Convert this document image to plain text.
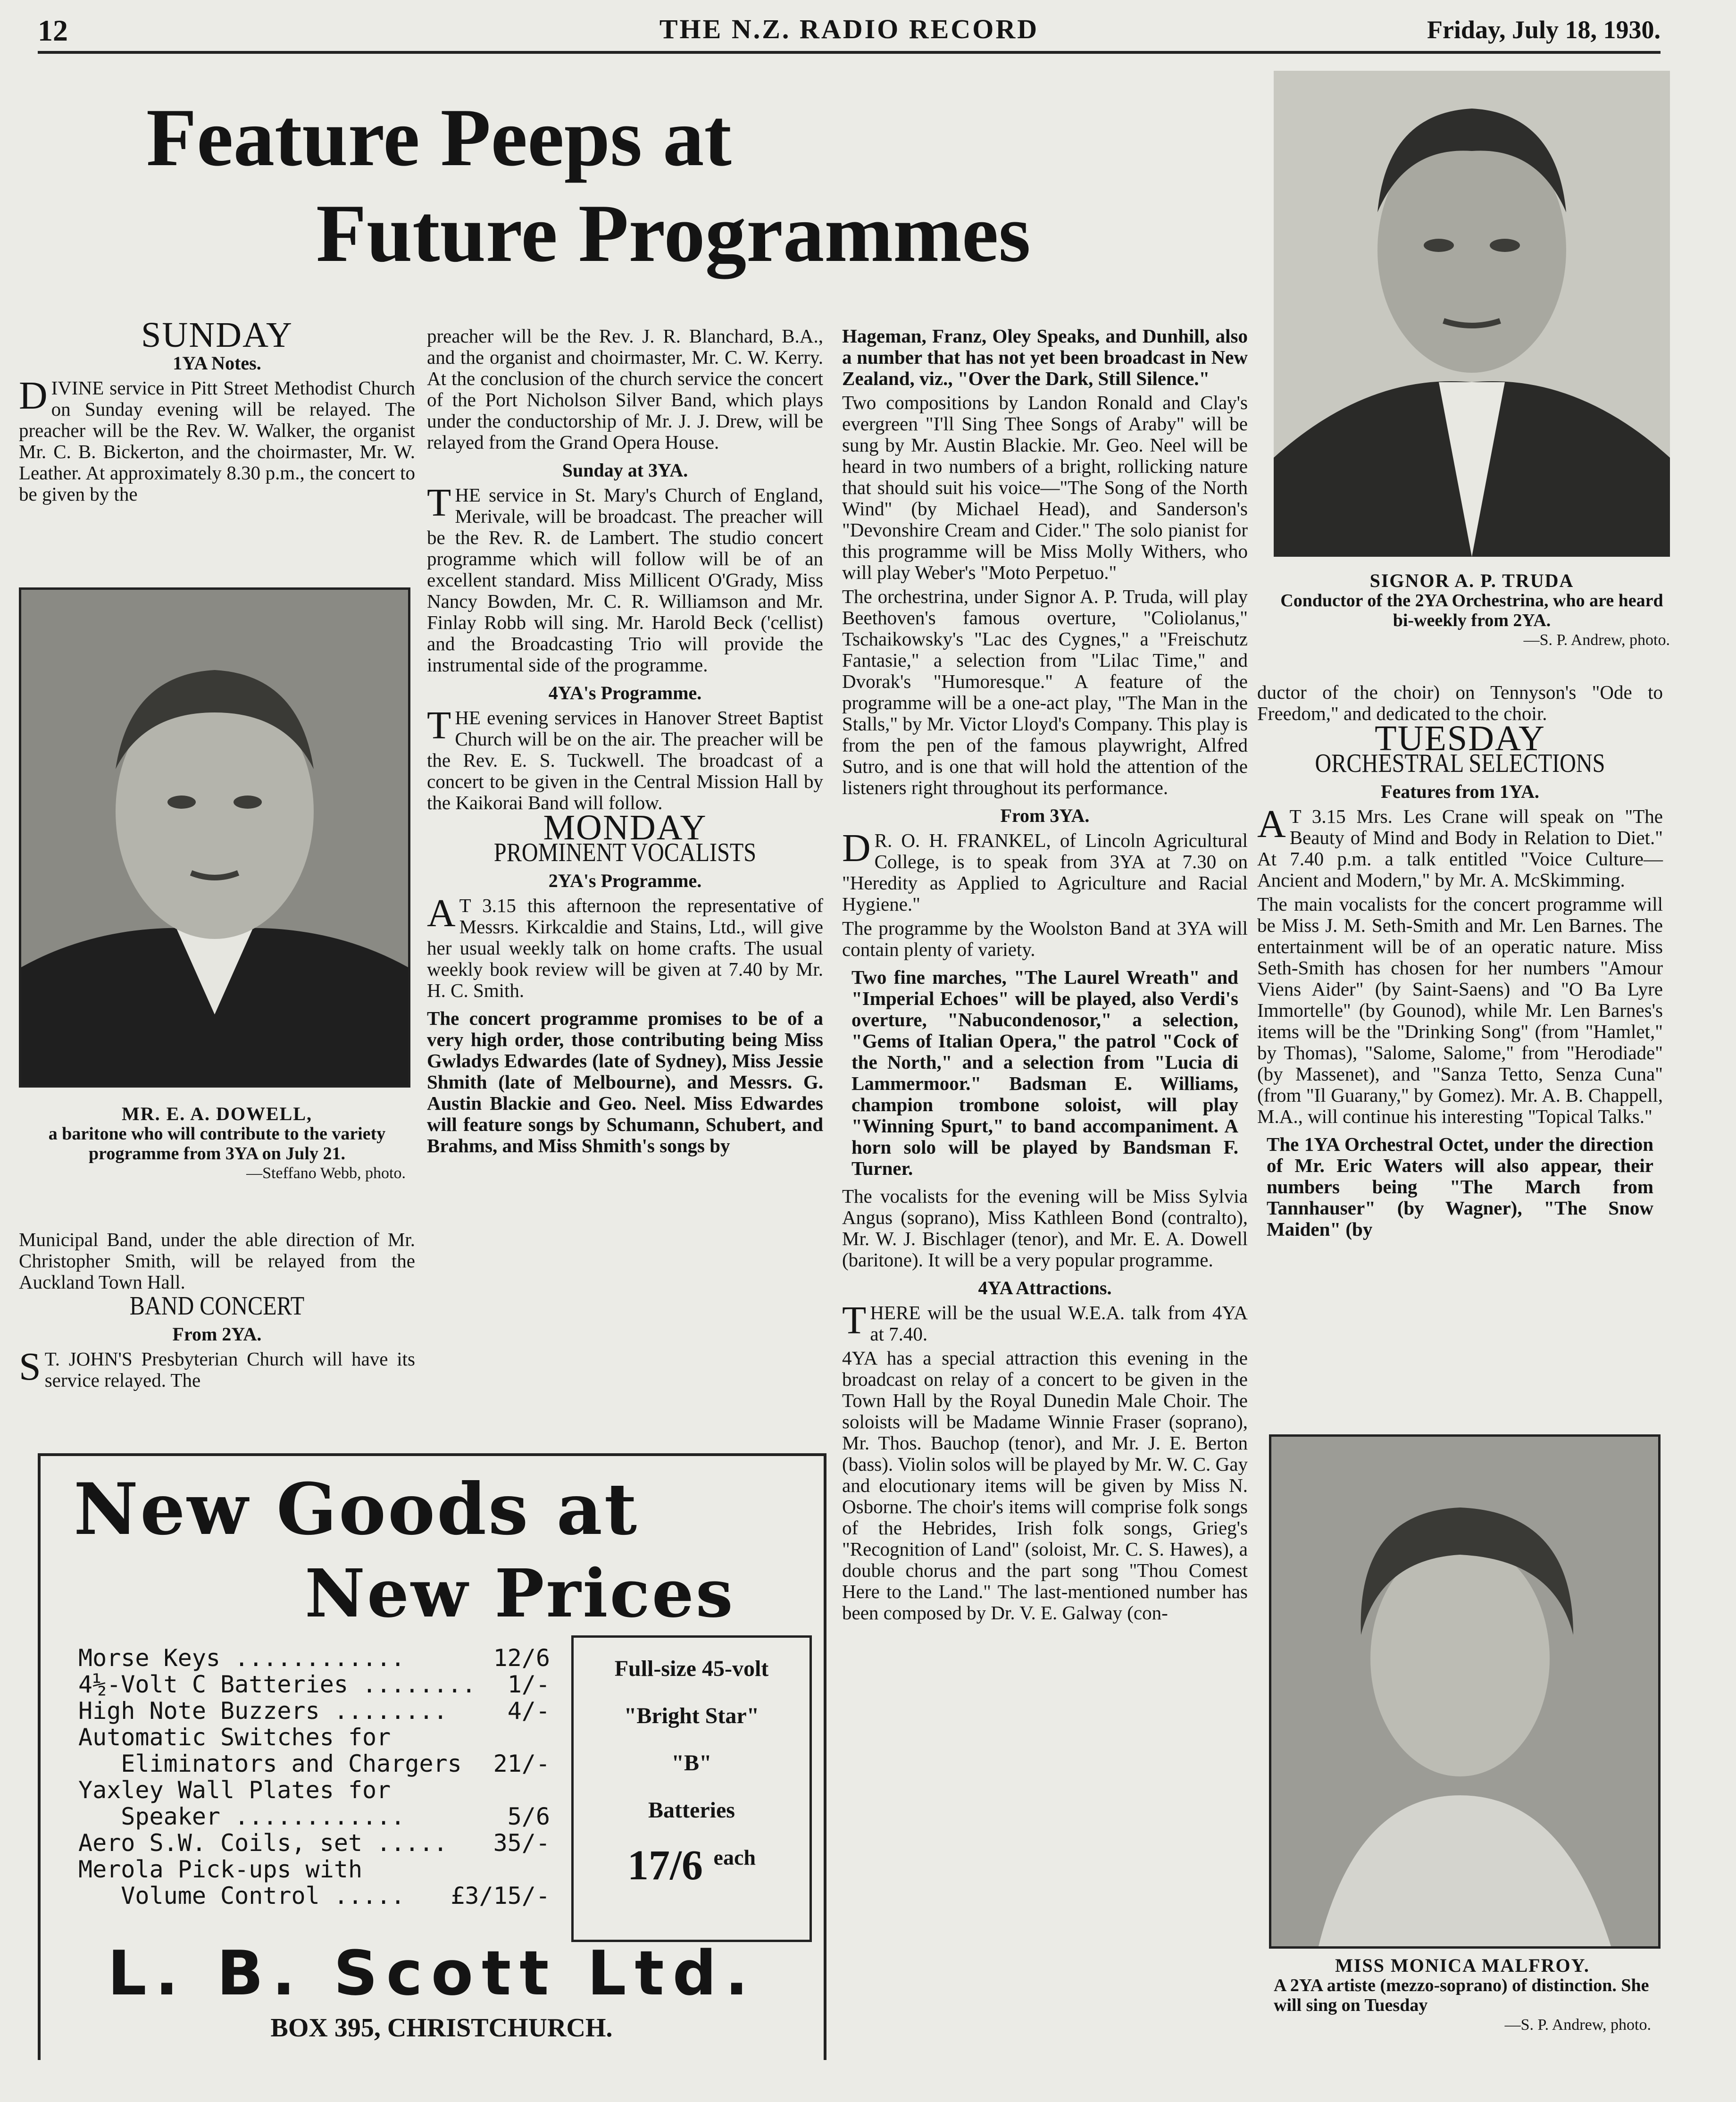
12	THE N.Z. RADIO RECORD	Friday, July 18, 1930.
Feature Peeps at
Future Programmes
SUNDAY
1YA Notes.

DIVINE service in Pitt Street Methodist Church on Sunday evening will be relayed. The preacher will be the Rev. W. Walker, the organist Mr. C. B. Bickerton, and the choirmaster, Mr. W. Leather. At approximately 8.30 p.m., the concert to be given by the

MR. E. A. DOWELL,
a baritone who will contribute to the variety programme from 3YA on July 21.
—Steffano Webb, photo.

Municipal Band, under the able direction of Mr. Christopher Smith, will be relayed from the Auckland Town Hall.

BAND CONCERT
From 2YA.

S T. JOHN'S Presbyterian Church will have its service relayed. The

preacher will be the Rev. J. R. Blanchard, B.A., and the organist and choirmaster, Mr. C. W. Kerry. At the conclusion of the church service the concert of the Port Nicholson Silver Band, which plays under the conductorship of Mr. J. J. Drew, will be relayed from the Grand Opera House.

Sunday at 3YA.

THE service in St. Mary's Church of England, Merivale, will be broadcast. The preacher will be the Rev. R. de Lambert. The studio concert programme which will follow will be of an excellent standard. Miss Millicent O'Grady, Miss Nancy Bowden, Mr. C. R. Williamson and Mr. Finlay Robb will sing. Mr. Harold Beck ('cellist) and the Broadcasting Trio will provide the instrumental side of the programme.

4YA's Programme.

THE evening services in Hanover Street Baptist Church will be on the air. The preacher will be the Rev. E. S. Tuckwell. The broadcast of a concert to be given in the Central Mission Hall by the Kaikorai Band will follow.

MONDAY
PROMINENT VOCALISTS
2YA's Programme.

A T 3.15 this afternoon the representative of Messrs. Kirkcaldie and Stains, Ltd., will give her usual weekly talk on home crafts. The usual weekly book review will be given at 7.40 by Mr. H. C. Smith.

The concert programme promises to be of a very high order, those contributing being Miss Gwladys Edwardes (late of Sydney), Miss Jessie Shmith (late of Melbourne), and Messrs. G. Austin Blackie and Geo. Neel. Miss Edwardes will feature songs by Schumann, Schubert, and Brahms, and Miss Shmith's songs by

Hageman, Franz, Oley Speaks, and Dunhill, also a number that has not yet been broadcast in New Zealand, viz., "Over the Dark, Still Silence."

Two compositions by Landon Ronald and Clay's evergreen "I'll Sing Thee Songs of Araby" will be sung by Mr. Austin Blackie. Mr. Geo. Neel will be heard in two numbers of a bright, rollicking nature that should suit his voice—"The Song of the North Wind" (by Michael Head), and Sanderson's "Devonshire Cream and Cider." The solo pianist for this programme will be Miss Molly Withers, who will play Weber's "Moto Perpetuo."

The orchestrina, under Signor A. P. Truda, will play Beethoven's famous overture, "Coliolanus," Tschaikowsky's "Lac des Cygnes," a "Freischutz Fantasie," a selection from "Lilac Time," and Dvorak's "Humoresque." A feature of the programme will be a one-act play, "The Man in the Stalls," by Mr. Victor Lloyd's Company. This play is from the pen of the famous playwright, Alfred Sutro, and is one that will hold the attention of the listeners right throughout its performance.

From 3YA.

D R. O. H. FRANKEL, of Lincoln Agricultural College, is to speak from 3YA at 7.30 on "Heredity as Applied to Agriculture and Racial Hygiene."

The programme by the Woolston Band at 3YA will contain plenty of variety.

Two fine marches, "The Laurel Wreath" and "Imperial Echoes" will be played, also Verdi's overture, "Nabucondenosor," a selection, "Gems of Italian Opera," the patrol "Cock of the North," and a selection from "Lucia di Lammermoor." Badsman E. Williams, champion trombone soloist, will play "Winning Spurt," to band accompaniment. A horn solo will be played by Bandsman F. Turner.

The vocalists for the evening will be Miss Sylvia Angus (soprano), Miss Kathleen Bond (contralto), Mr. W. J. Bischlager (tenor), and Mr. E. A. Dowell (baritone). It will be a very popular programme.

4YA Attractions.

THERE will be the usual W.E.A. talk from 4YA at 7.40.

4YA has a special attraction this evening in the broadcast on relay of a concert to be given in the Town Hall by the Royal Dunedin Male Choir. The soloists will be Madame Winnie Fraser (soprano), Mr. Thos. Bauchop (tenor), and Mr. J. E. Berton (bass). Violin solos will be played by Mr. W. C. Gay and elocutionary items will be given by Miss N. Osborne. The choir's items will comprise folk songs of the Hebrides, Irish folk songs, Grieg's "Recognition of Land" (soloist, Mr. C. S. Hawes), a double chorus and the part song "Thou Comest Here to the Land." The last-mentioned number has been composed by Dr. V. E. Galway (con-

SIGNOR A. P. TRUDA
Conductor of the 2YA Orchestrina, who are heard bi-weekly from 2YA.
—S. P. Andrew, photo.

ductor of the choir) on Tennyson's "Ode to Freedom," and dedicated to the choir.

TUESDAY
ORCHESTRAL SELECTIONS
Features from 1YA.

A T 3.15 Mrs. Les Crane will speak on "The Beauty of Mind and Body in Relation to Diet." At 7.40 p.m. a talk entitled "Voice Culture—Ancient and Modern," by Mr. A. McSkimming.

The main vocalists for the concert programme will be Miss J. M. Seth-Smith and Mr. Len Barnes. The entertainment will be of an operatic nature. Miss Seth-Smith has chosen for her numbers "Amour Viens Aider" (by Saint-Saens) and "O Ba Lyre Immortelle" (by Gounod), while Mr. Len Barnes's items will be the "Drinking Song" (from "Hamlet," by Thomas), "Salome, Salome," from "Herodiade" (by Massenet), and "Sanza Tetto, Senza Cuna" (from "Il Guarany," by Gomez). Mr. A. B. Chappell, M.A., will continue his interesting "Topical Talks."

The 1YA Orchestral Octet, under the direction of Mr. Eric Waters will also appear, their numbers being "The March from Tannhauser" (by Wagner), "The Snow Maiden" (by

MISS MONICA MALFROY.
A 2YA artiste (mezzo-soprano) of distinction. She will sing on Tuesday
—S. P. Andrew, photo.
New Goods at
New Prices
Morse Keys ............	12/6
4½-Volt C Batteries ........ 1/-
High Note Buzzers ........	4/-
Automatic Switches for
Eliminators and Chargers 21/-
Yaxley Wall Plates for
Speaker ............	5/6
Aero S.W. Coils, set ..... 35/-
Merola Pick-ups with
Volume Control ..... £3/15/-
Full-size 45-volt
"Bright Star"
"B"
Batteries
17/6 $^{each}$
L. B. Scott Ltd.
BOX 395, CHRISTCHURCH.
